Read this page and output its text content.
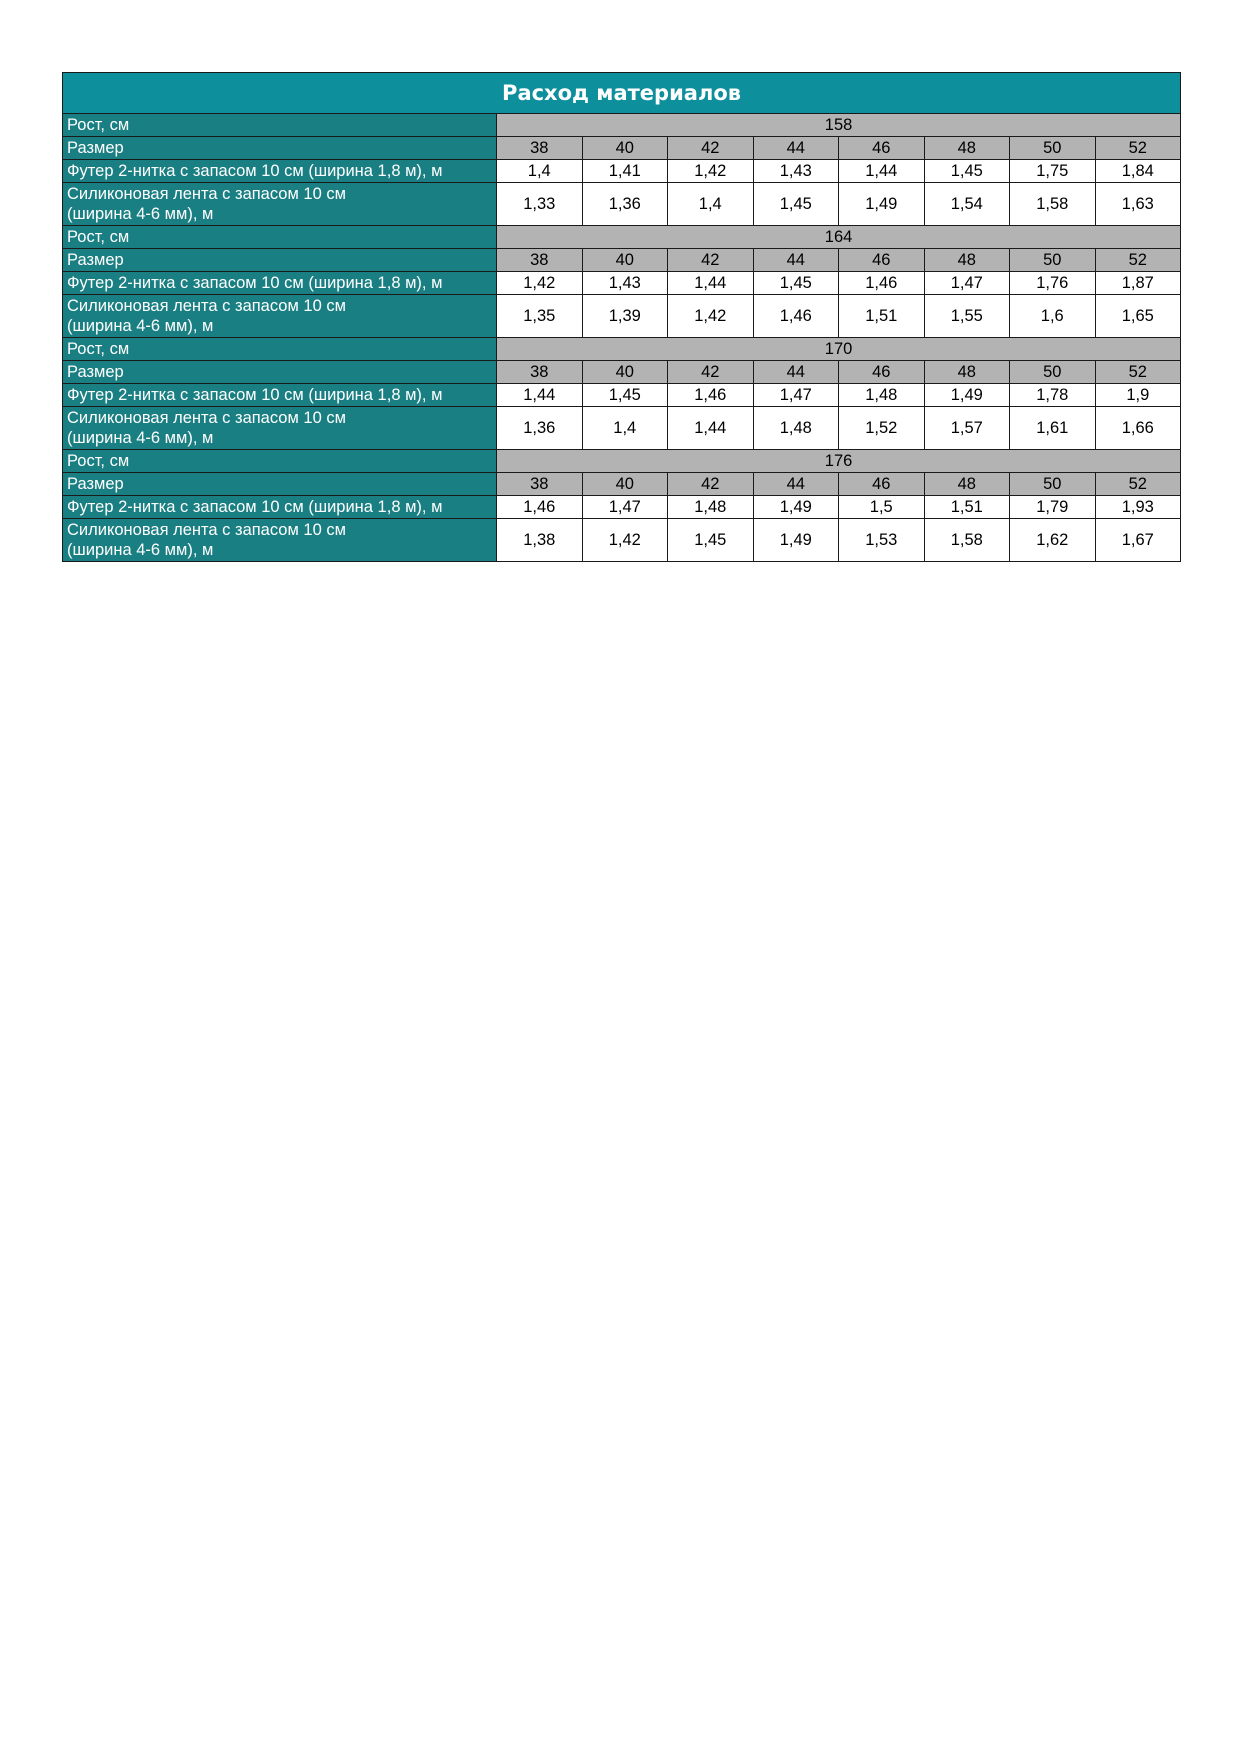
Расход материалов								
Рост, см	158							
Размер	38	40	42	44	46	48	50	52
Футер 2-нитка с запасом 10 см (ширина 1,8 м), м	1,4	1,41	1,42	1,43	1,44	1,45	1,75	1,84

Силиконовая лента с запасом 10 см
(ширина 4-6 мм), м	1,33	1,36	1,4	1,45	1,49	1,54	1,58	1,63
Рост, см	164							
Размер	38	40	42	44	46	48	50	52
Футер 2-нитка с запасом 10 см (ширина 1,8 м), м	1,42	1,43	1,44	1,45	1,46	1,47	1,76	1,87

Силиконовая лента с запасом 10 см
(ширина 4-6 мм), м	1,35	1,39	1,42	1,46	1,51	1,55	1,6	1,65
Рост, см	170							
Размер	38	40	42	44	46	48	50	52
Футер 2-нитка с запасом 10 см (ширина 1,8 м), м	1,44	1,45	1,46	1,47	1,48	1,49	1,78	1,9

Силиконовая лента с запасом 10 см
(ширина 4-6 мм), м	1,36	1,4	1,44	1,48	1,52	1,57	1,61	1,66
Рост, см	176							
Размер	38	40	42	44	46	48	50	52
Футер 2-нитка с запасом 10 см (ширина 1,8 м), м	1,46	1,47	1,48	1,49	1,5	1,51	1,79	1,93

Силиконовая лента с запасом 10 см
(ширина 4-6 мм), м	1,38	1,42	1,45	1,49	1,53	1,58	1,62	1,67
